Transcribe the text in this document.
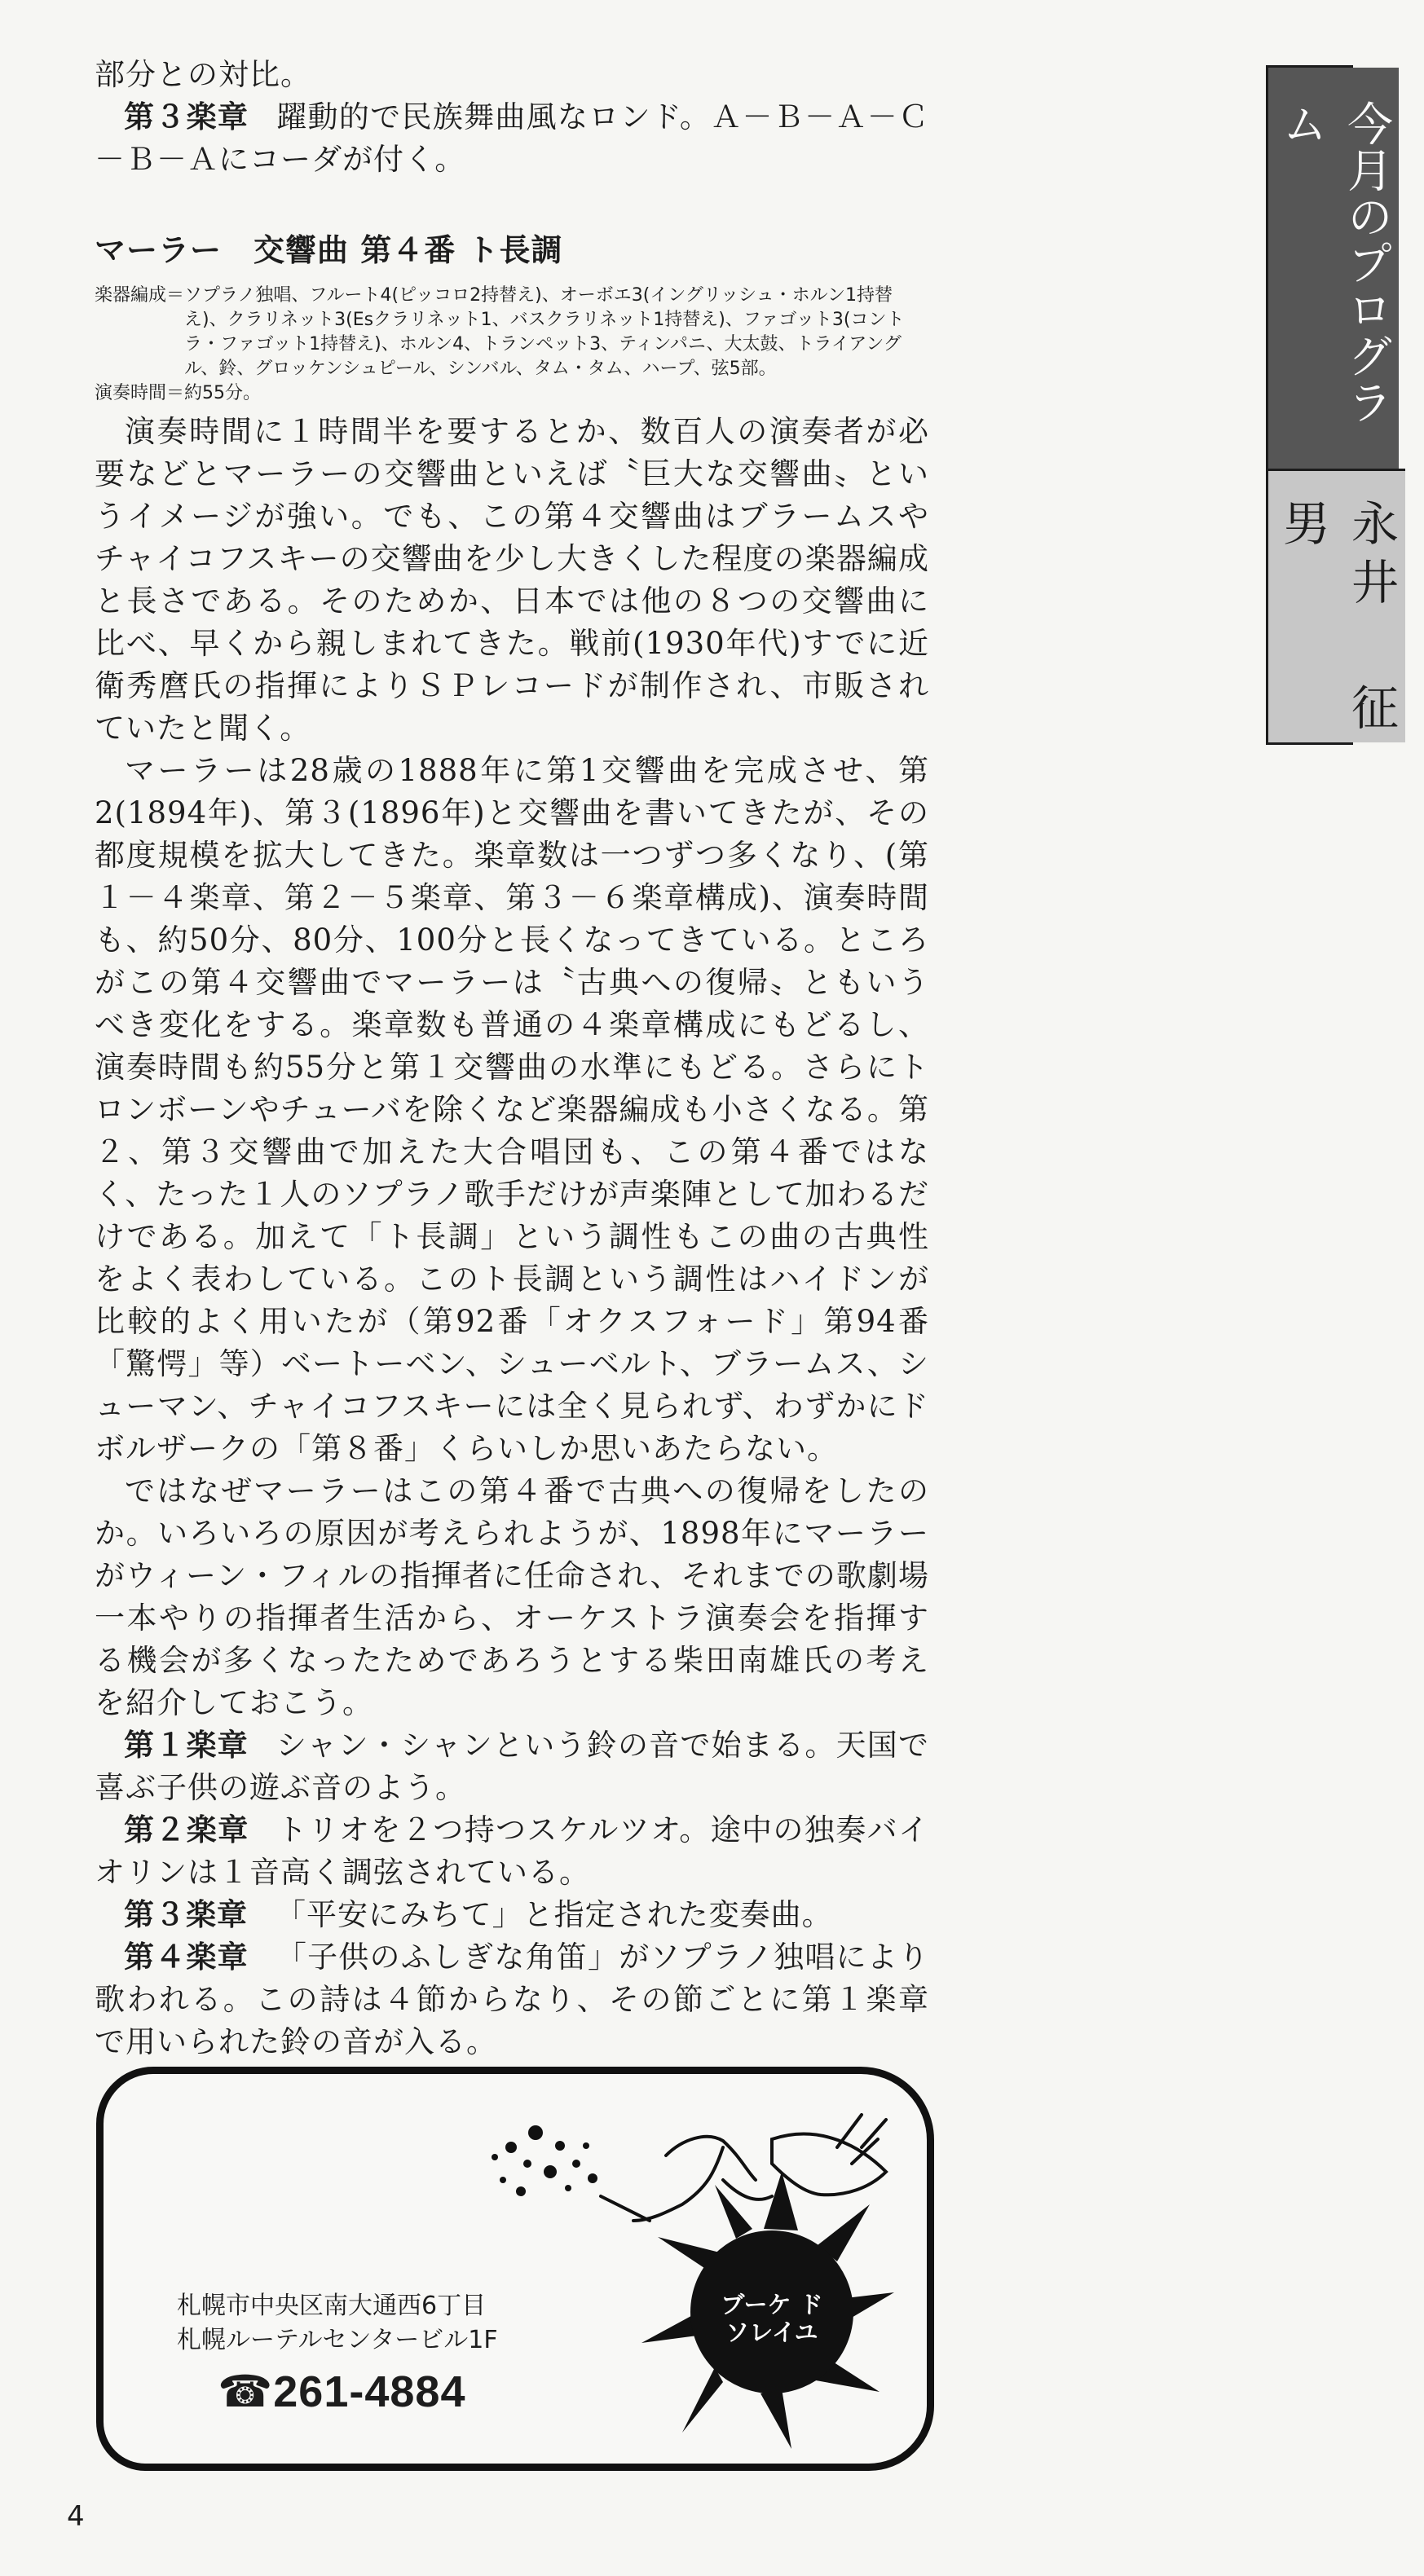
部分との対比。

第３楽章 躍動的で民族舞曲風なロンド。Ａ－Ｂ－Ａ－Ｃ－Ｂ－Ａにコーダが付く。

マーラー　交響曲 第４番 ト長調
楽器編成＝ ソプラノ独唱、フルート4(ピッコロ2持替え)、オーボエ3(イングリッシュ・ホルン1持替え)、クラリネット3(Esクラリネット1、バスクラリネット1持替え)、ファゴット3(コントラ・ファゴット1持替え)、ホルン4、トランペット3、ティンパニ、大太鼓、トライアングル、鈴、グロッケンシュピール、シンバル、タム・タム、ハープ、弦5部。

演奏時間＝約55分。

演奏時間に１時間半を要するとか、数百人の演奏者が必要などとマーラーの交響曲といえば〝巨大な交響曲〟というイメージが強い。でも、この第４交響曲はブラームスやチャイコフスキーの交響曲を少し大きくした程度の楽器編成と長さである。そのためか、日本では他の８つの交響曲に比べ、早くから親しまれてきた。戦前(1930年代)すでに近衛秀麿氏の指揮によりＳＰレコードが制作され、市販されていたと聞く。

マーラーは28歳の1888年に第1交響曲を完成させ、第2(1894年)、第３(1896年)と交響曲を書いてきたが、その都度規模を拡大してきた。楽章数は一つずつ多くなり、(第１－４楽章、第２－５楽章、第３－６楽章構成)、演奏時間も、約50分、80分、100分と長くなってきている。ところがこの第４交響曲でマーラーは〝古典への復帰〟ともいうべき変化をする。楽章数も普通の４楽章構成にもどるし、演奏時間も約55分と第１交響曲の水準にもどる。さらにトロンボーンやチューバを除くなど楽器編成も小さくなる。第２、第３交響曲で加えた大合唱団も、この第４番ではなく、たった１人のソプラノ歌手だけが声楽陣として加わるだけである。加えて「ト長調」という調性もこの曲の古典性をよく表わしている。このト長調という調性はハイドンが比較的よく用いたが（第92番「オクスフォード」第94番「驚愕」等）ベートーベン、シューベルト、ブラームス、シューマン、チャイコフスキーには全く見られず、わずかにドボルザークの「第８番」くらいしか思いあたらない。

ではなぜマーラーはこの第４番で古典への復帰をしたのか。いろいろの原因が考えられようが、1898年にマーラーがウィーン・フィルの指揮者に任命され、それまでの歌劇場一本やりの指揮者生活から、オーケストラ演奏会を指揮する機会が多くなったためであろうとする柴田南雄氏の考えを紹介しておこう。

第１楽章 シャン・シャンという鈴の音で始まる。天国で喜ぶ子供の遊ぶ音のよう。

第２楽章 トリオを２つ持つスケルツオ。途中の独奏バイオリンは１音高く調弦されている。

第３楽章 「平安にみちて」と指定された変奏曲。

第４楽章 「子供のふしぎな角笛」がソプラノ独唱により歌われる。この詩は４節からなり、その節ごとに第１楽章で用いられた鈴の音が入る。

今月のプログラム
永井 征男
ブーケ ド ソレイユ
札幌市中央区南大通西6丁目
札幌ルーテルセンタービル1F
☎261-4884
4
